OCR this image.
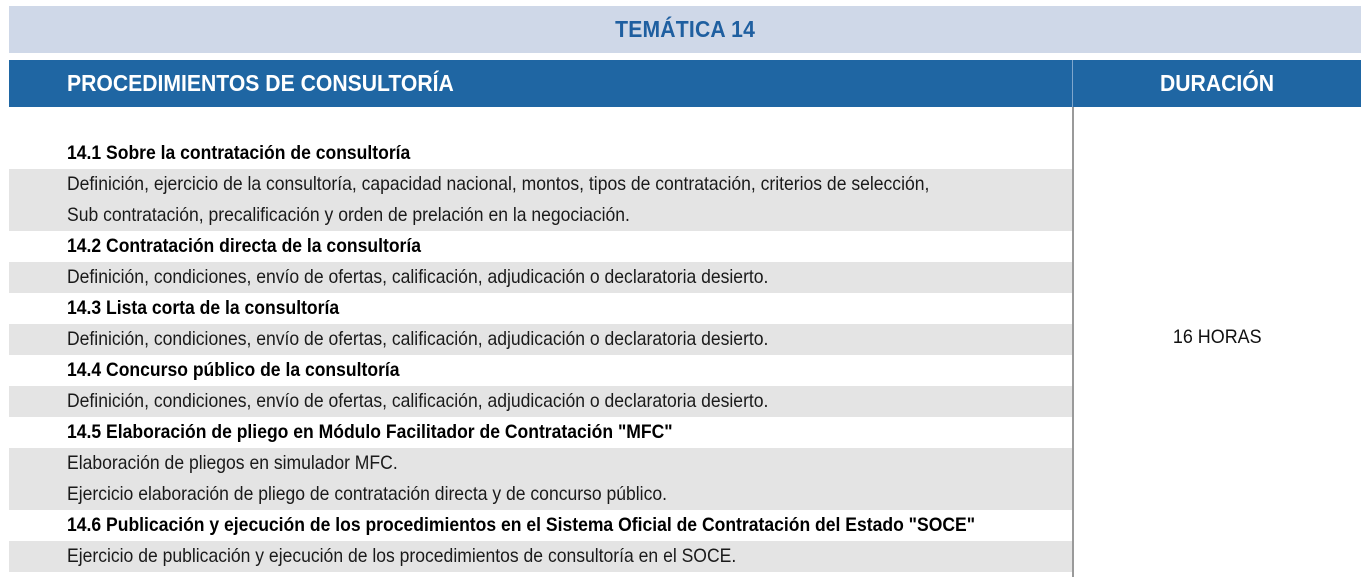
TEMÁTICA 14
PROCEDIMIENTOS DE CONSULTORÍA	DURACIÓN
14.1 Sobre la contratación de consultoría
Definición, ejercicio de la consultoría, capacidad nacional, montos, tipos de contratación, criterios de selección,
Sub contratación, precalificación y orden de prelación en la negociación.
14.2 Contratación directa de la consultoría
Definición, condiciones, envío de ofertas, calificación, adjudicación o declaratoria desierto.
14.3 Lista corta de la consultoría
Definición, condiciones, envío de ofertas, calificación, adjudicación o declaratoria desierto.
14.4 Concurso público de la consultoría
Definición, condiciones, envío de ofertas, calificación, adjudicación o declaratoria desierto.
14.5 Elaboración de pliego en Módulo Facilitador de Contratación "MFC"
Elaboración de pliegos en simulador MFC.
Ejercicio elaboración de pliego de contratación directa y de concurso público.
14.6 Publicación y ejecución de los procedimientos en el Sistema Oficial de Contratación del Estado "SOCE"
Ejercicio de publicación y ejecución de los procedimientos de consultoría en el SOCE.
16 HORAS
